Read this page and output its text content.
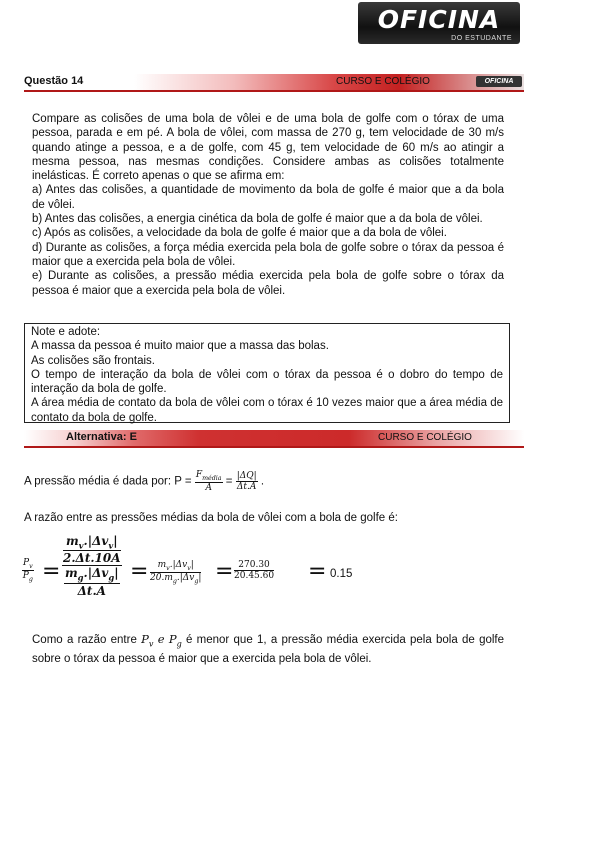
OFICINA
DO ESTUDANTE
Questão 14	CURSO E COLÉGIO	OFICINA

Compare as colisões de uma bola de vôlei e de uma bola de golfe com o tórax de uma pessoa, parada e em pé. A bola de vôlei, com massa de 270 g, tem velocidade de 30 m/s quando atinge a pessoa, e a de golfe, com 45 g, tem velocidade de 60 m/s ao atingir a mesma pessoa, nas mesmas condições. Considere ambas as colisões totalmente inelásticas. É correto apenas o que se afirma em:

a) Antes das colisões, a quantidade de movimento da bola de golfe é maior que a da bola de vôlei.

b) Antes das colisões, a energia cinética da bola de golfe é maior que a da bola de vôlei.

c) Após as colisões, a velocidade da bola de golfe é maior que a da bola de vôlei.

d) Durante as colisões, a força média exercida pela bola de golfe sobre o tórax da pessoa é maior que a exercida pela bola de vôlei.

e) Durante as colisões, a pressão média exercida pela bola de golfe sobre o tórax da pessoa é maior que a exercida pela bola de vôlei.

Note e adote:

A massa da pessoa é muito maior que a massa das bolas.

As colisões são frontais.

O tempo de interação da bola de vôlei com o tórax da pessoa é o dobro do tempo de interação da bola de golfe.

A área média de contato da bola de vôlei com o tórax é 10 vezes maior que a área média de contato da bola de golfe.

Alternativa: E	CURSO E COLÉGIO
A pressão média é dada por: $P = \frac{F_{média}}{A} = \frac{|\Delta Q|}{\Delta t.A}$ .
A razão entre as pressões médias da bola de vôlei com a bola de golfe é:
$\frac{P_v}{P_g}$ =
$\frac{m_v.|\Delta v_v|}{2.\Delta t.10A}$
$\frac{m_g.|\Delta v_g|}{\Delta t.A}$ =	$m_v.|\Delta v_v|$
$20.m_g.|\Delta v_g| = \frac{270.30}{20.45.60} = 0.15$
Como a razão entre $P_v$ e $P_g$ é menor que 1, a pressão média exercida pela bola de golfe sobre o tórax da pessoa é maior que a exercida pela bola de vôlei.
